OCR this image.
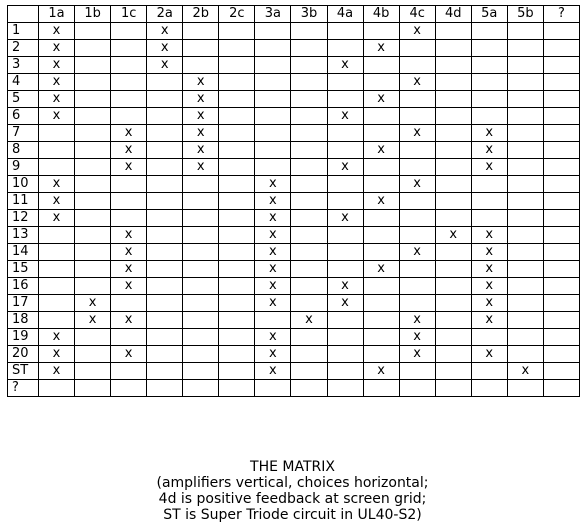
	1a	1b	1c	2a	2b	2c	3a	3b	4a	4b	4c	4d	5a	5b	?
1	x			x							x				
2	x			x						x					
3	x			x					x						
4	x				x						x				
5	x				x					x					
6	x				x				x						
7			x		x						x		x		
8			x		x					x			x		
9			x		x				x				x		
10	x						x				x				
11	x						x			x					
12	x						x		x						
13			x				x					x	x		
14			x				x				x		x		
15			x				x			x			x		
16			x				x		x				x		
17		x					x		x				x		
18		x	x					x			x		x		
19	x						x				x				
20	x		x				x				x		x		
ST	x						x			x				x	
?															
THE MATRIX
(amplifiers vertical, choices horizontal;
4d is positive feedback at screen grid;
ST is Super Triode circuit in UL40-S2)
